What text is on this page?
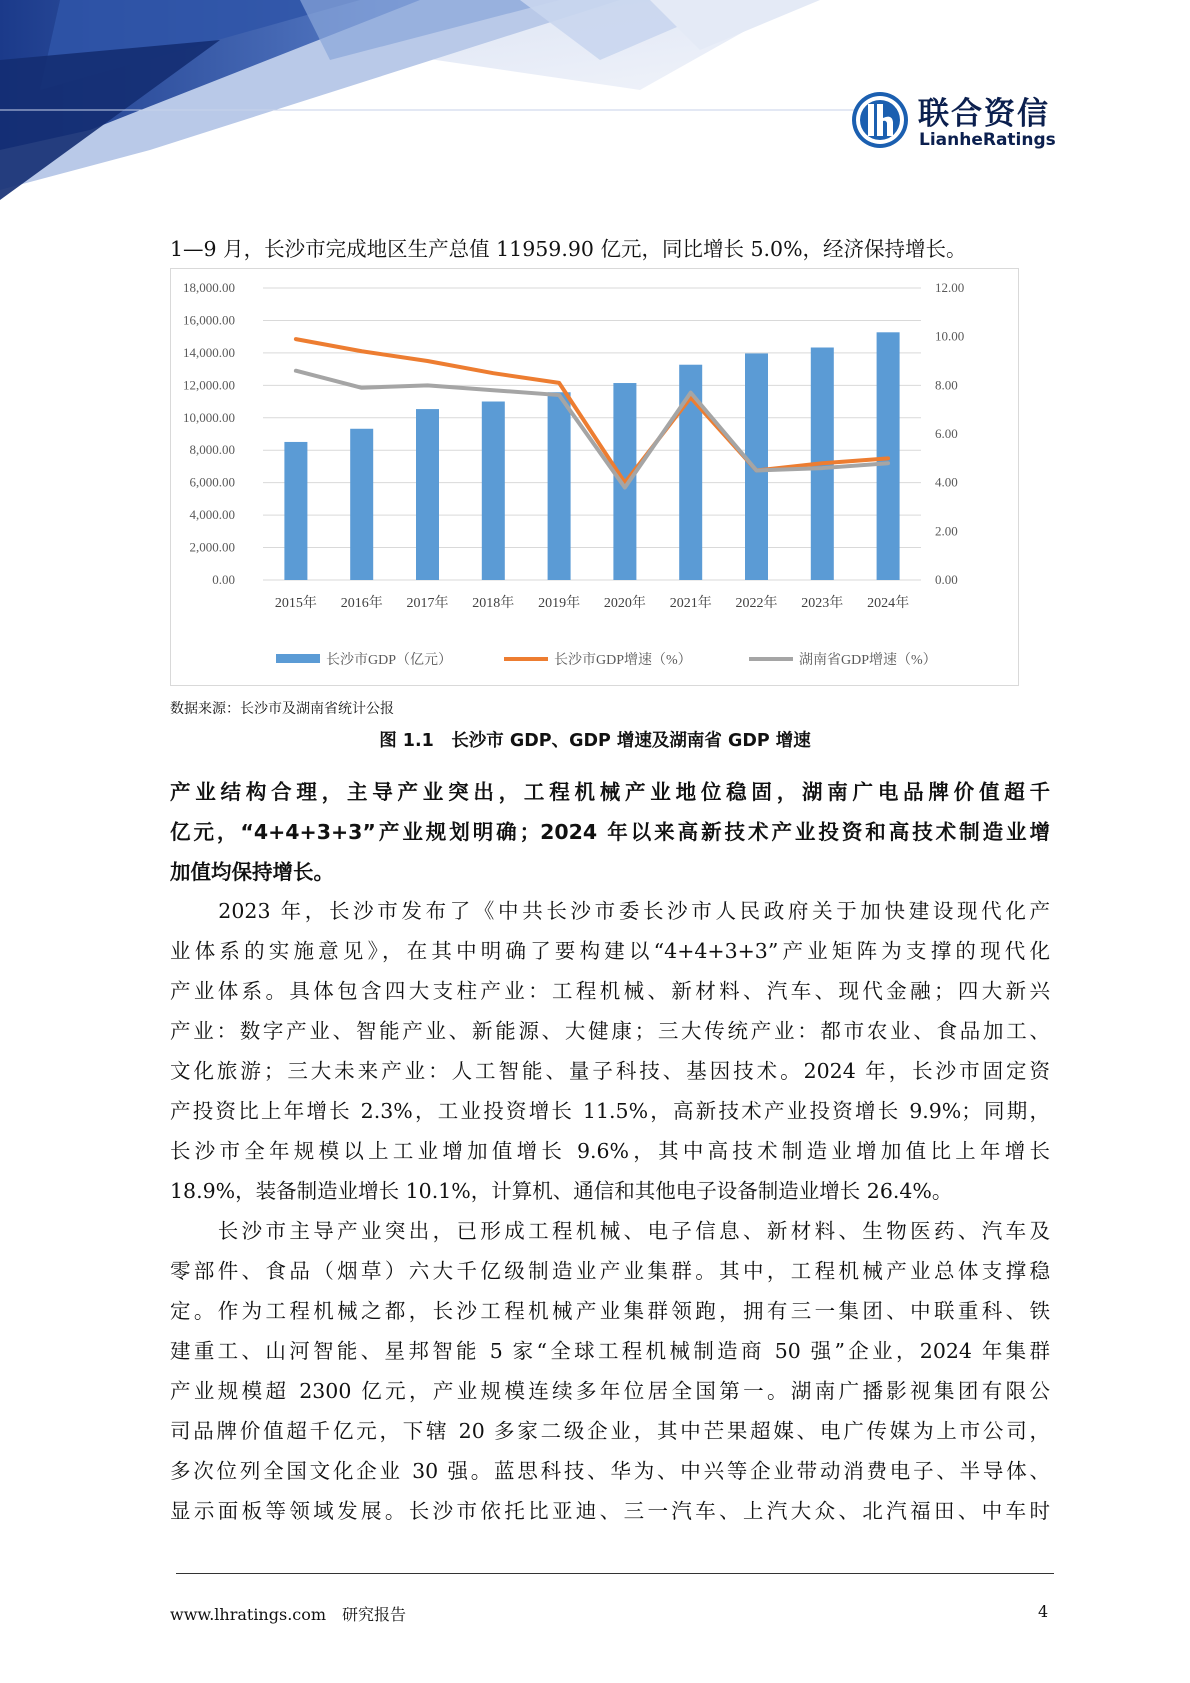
联合资信
LianheRatings
1—9 月，长沙市完成地区生产总值 11959.90 亿元，同比增长 5.0%，经济保持增长。
0.00
2,000.00
4,000.00
6,000.00
8,000.00
10,000.00
12,000.00
14,000.00
16,000.00
18,000.00
0.00
2.00
4.00
6.00
8.00
10.00
12.00
2015年 2016年 2017年 2018年 2019年 2020年 2021年 2022年 2023年 2024年
长沙市GDP（亿元）	长沙市GDP增速（%）	湖南省GDP增速（%）
数据来源：长沙市及湖南省统计公报
图 1.1　长沙市 GDP、GDP 增速及湖南省 GDP 增速
产业结构合理，主导产业突出，工程机械产业地位稳固，湖南广电品牌价值超千
亿元，“4+4+3+3”产业规划明确；2024 年以来高新技术产业投资和高技术制造业增
加值均保持增长。
　　2023 年，长沙市发布了《中共长沙市委长沙市人民政府关于加快建设现代化产
业体系的实施意见》，在其中明确了要构建以“4+4+3+3”产业矩阵为支撑的现代化
产业体系。具体包含四大支柱产业：工程机械、新材料、汽车、现代金融；四大新兴
产业：数字产业、智能产业、新能源、大健康；三大传统产业：都市农业、食品加工、
文化旅游；三大未来产业：人工智能、量子科技、基因技术。2024 年，长沙市固定资
产投资比上年增长 2.3%，工业投资增长 11.5%，高新技术产业投资增长 9.9%；同期，
长沙市全年规模以上工业增加值增长 9.6%，其中高技术制造业增加值比上年增长
18.9%，装备制造业增长 10.1%，计算机、通信和其他电子设备制造业增长 26.4%。
　　长沙市主导产业突出，已形成工程机械、电子信息、新材料、生物医药、汽车及
零部件、食品（烟草）六大千亿级制造业产业集群。其中，工程机械产业总体支撑稳
定。作为工程机械之都，长沙工程机械产业集群领跑，拥有三一集团、中联重科、铁
建重工、山河智能、星邦智能 5 家“全球工程机械制造商 50 强”企业，2024 年集群
产业规模超 2300 亿元，产业规模连续多年位居全国第一。湖南广播影视集团有限公
司品牌价值超千亿元，下辖 20 多家二级企业，其中芒果超媒、电广传媒为上市公司，
多次位列全国文化企业 30 强。蓝思科技、华为、中兴等企业带动消费电子、半导体、
显示面板等领域发展。长沙市依托比亚迪、三一汽车、上汽大众、北汽福田、中车时
www.lhratings.com　研究报告	4
